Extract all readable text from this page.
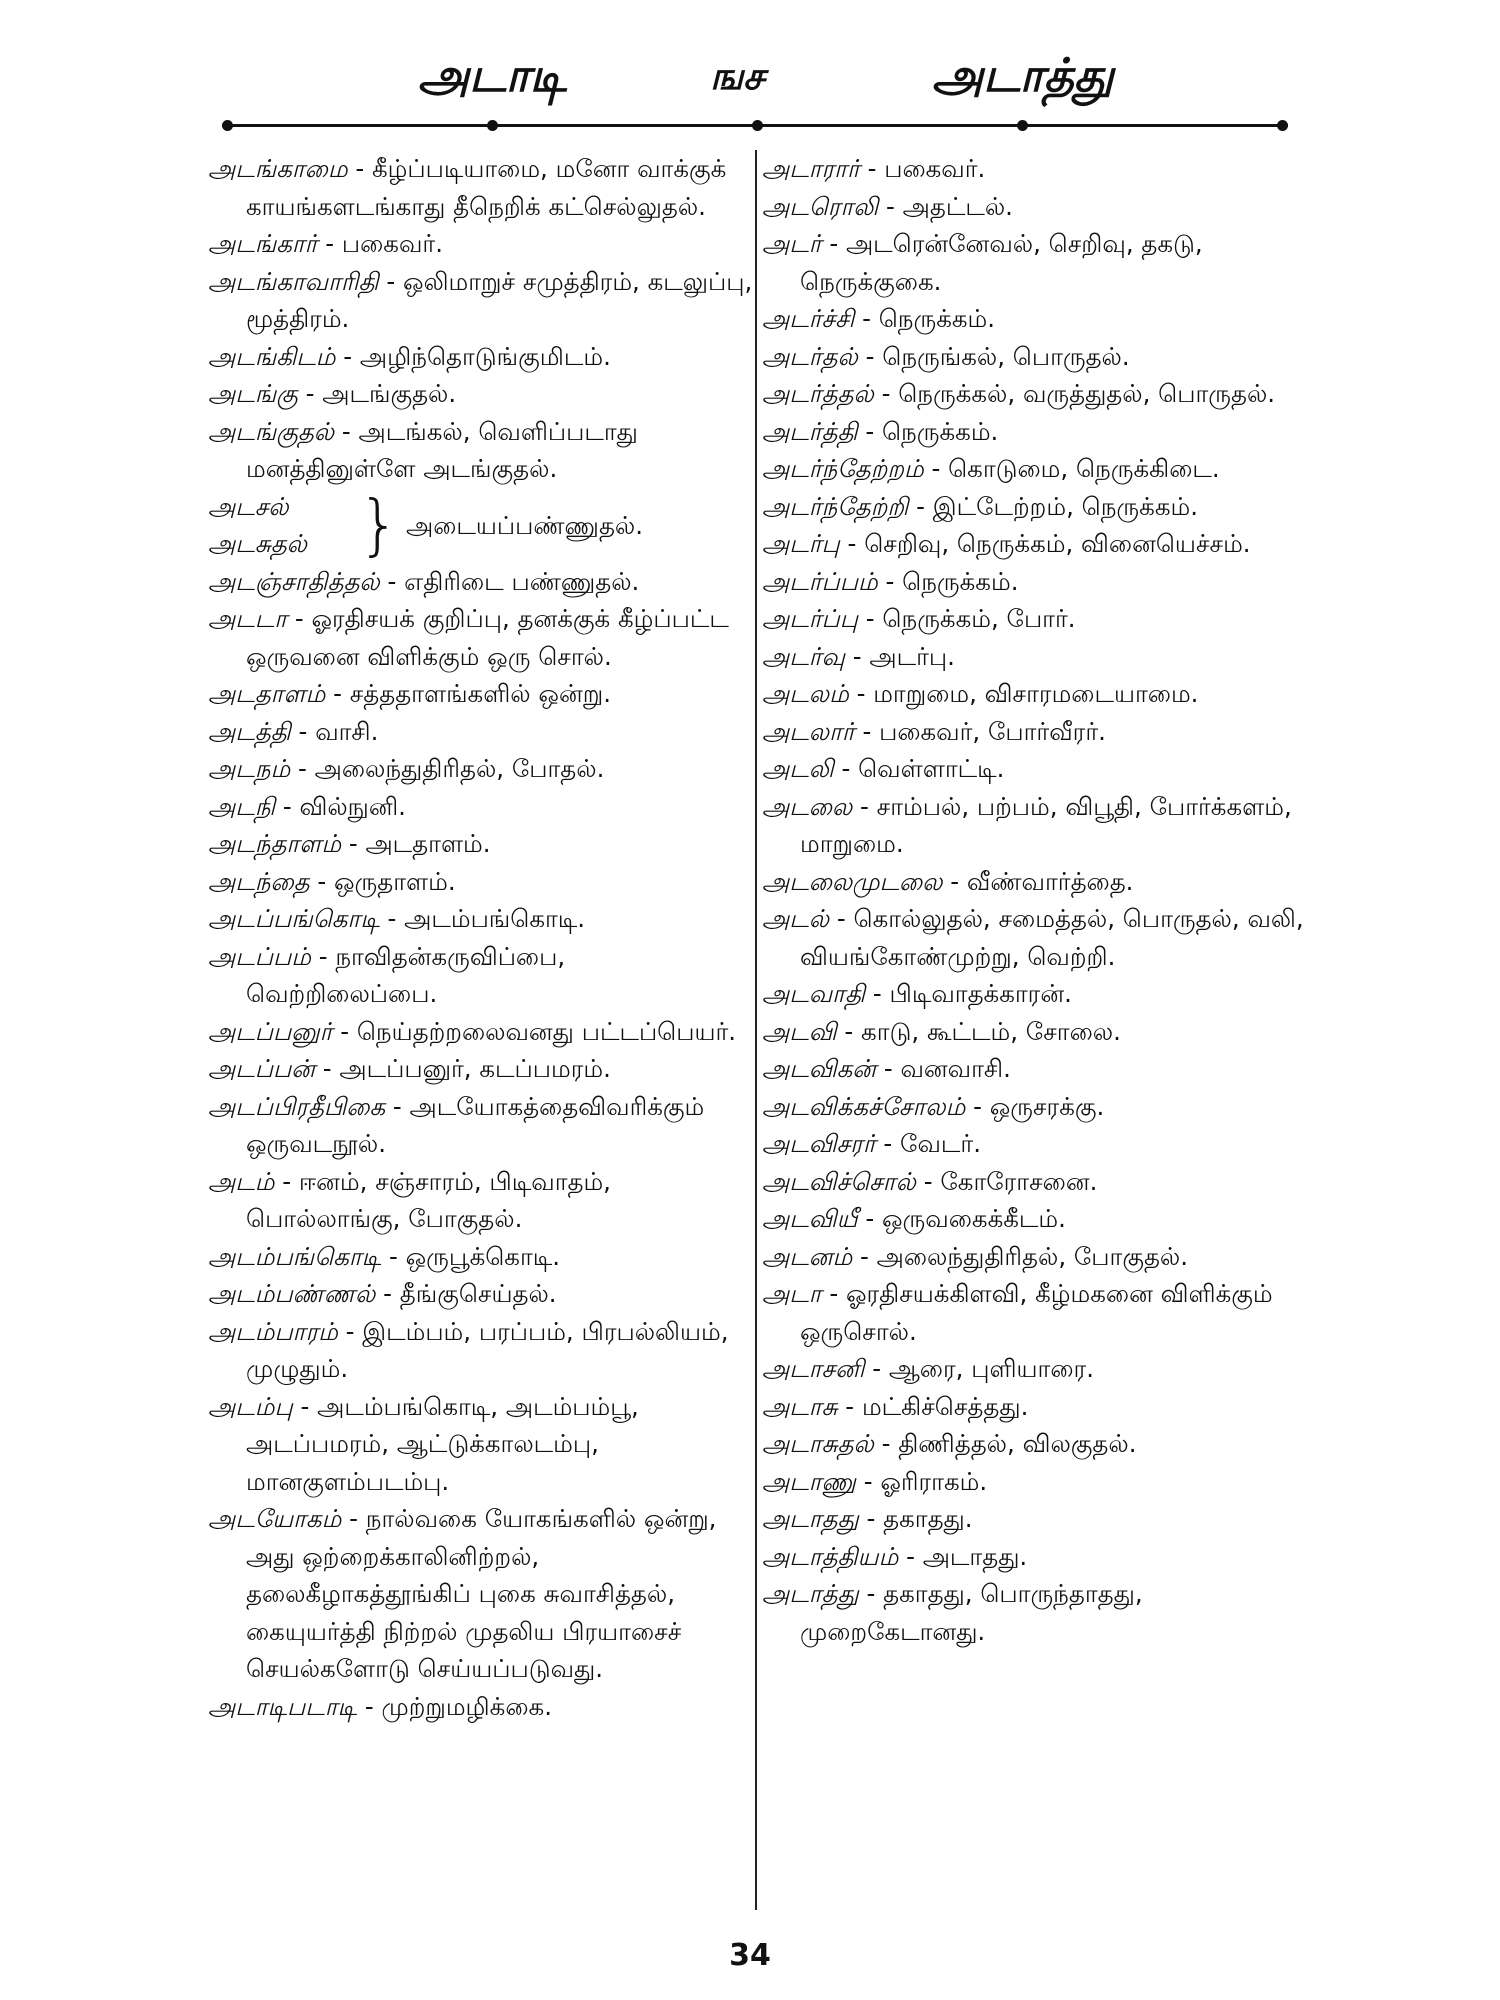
அடாடி	ஙச	அடாத்து

அடங்காமை - கீழ்ப்படியாமை, மனோ வாக்குக் காயங்களடங்காது தீநெறிக் கட்செல்லுதல்.

அடங்கார் - பகைவர்.

அடங்காவாரிதி - ஒலிமாறுச் சமுத்திரம், கடலுப்பு, மூத்திரம்.

அடங்கிடம் - அழிந்தொடுங்குமிடம்.

அடங்கு - அடங்குதல்.

அடங்குதல் - அடங்கல், வெளிப்படாது மனத்தினுள்ளே அடங்குதல்.

அடசல்
அடசுதல் } அடையப்பண்ணுதல்.

அடஞ்சாதித்தல் - எதிரிடை பண்ணுதல்.

அடடா - ஓரதிசயக் குறிப்பு, தனக்குக் கீழ்ப்பட்ட ஒருவனை விளிக்கும் ஒரு சொல்.

அடதாளம் - சத்ததாளங்களில் ஒன்று.

அடத்தி - வாசி.

அடநம் - அலைந்துதிரிதல், போதல்.

அடநி - வில்நுனி.

அடந்தாளம் - அடதாளம்.

அடந்தை - ஒருதாளம்.

அடப்பங்கொடி - அடம்பங்கொடி.

அடப்பம் - நாவிதன்கருவிப்பை, வெற்றிலைப்பை.

அடப்பனுர் - நெய்தற்றலைவனது பட்டப்பெயர்.

அடப்பன் - அடப்பனுர், கடப்பமரம்.

அடப்பிரதீபிகை - அடயோகத்தைவிவரிக்கும் ஒருவடநூல்.

அடம் - ஈனம், சஞ்சாரம், பிடிவாதம், பொல்லாங்கு, போகுதல்.

அடம்பங்கொடி - ஒருபூக்கொடி.

அடம்பண்ணல் - தீங்குசெய்தல்.

அடம்பாரம் - இடம்பம், பரப்பம், பிரபல்லியம், முழுதும்.

அடம்பு - அடம்பங்கொடி, அடம்பம்பூ, அடப்பமரம், ஆட்டுக்காலடம்பு, மானகுளம்படம்பு.

அடயோகம் - நால்வகை யோகங்களில் ஒன்று, அது ஒற்றைக்காலினிற்றல், தலைகீழாகத்தூங்கிப் புகை சுவாசித்தல், கையுயர்த்தி நிற்றல் முதலிய பிரயாசைச் செயல்களோடு செய்யப்படுவது.

அடாடிபடாடி - முற்றுமழிக்கை.

அடாரார் - பகைவர்.

அடரொலி - அதட்டல்.

அடர் - அடரென்னேவல், செறிவு, தகடு, நெருக்குகை.

அடர்ச்சி - நெருக்கம்.

அடர்தல் - நெருங்கல், பொருதல்.

அடர்த்தல் - நெருக்கல், வருத்துதல், பொருதல்.

அடர்த்தி - நெருக்கம்.

அடர்ந்தேற்றம் - கொடுமை, நெருக்கிடை.

அடர்ந்தேற்றி - இட்டேற்றம், நெருக்கம்.

அடர்பு - செறிவு, நெருக்கம், வினையெச்சம்.

அடர்ப்பம் - நெருக்கம்.

அடர்ப்பு - நெருக்கம், போர்.

அடர்வு - அடர்பு.

அடலம் - மாறுமை, விசாரமடையாமை.

அடலார் - பகைவர், போர்வீரர்.

அடலி - வெள்ளாட்டி.

அடலை - சாம்பல், பற்பம், விபூதி, போர்க்களம், மாறுமை.

அடலைமுடலை - வீண்வார்த்தை.

அடல் - கொல்லுதல், சமைத்தல், பொருதல், வலி, வியங்கோண்முற்று, வெற்றி.

அடவாதி - பிடிவாதக்காரன்.

அடவி - காடு, கூட்டம், சோலை.

அடவிகன் - வனவாசி.

அடவிக்கச்சோலம் - ஒருசரக்கு.

அடவிசரர் - வேடர்.

அடவிச்சொல் - கோரோசனை.

அடவியீ - ஒருவகைக்கீடம்.

அடனம் - அலைந்துதிரிதல், போகுதல்.

அடா - ஓரதிசயக்கிளவி, கீழ்மகனை விளிக்கும் ஒருசொல்.

அடாசனி - ஆரை, புளியாரை.

அடாசு - மட்கிச்செத்தது.

அடாசுதல் - திணித்தல், விலகுதல்.

அடாணு - ஓரிராகம்.

அடாதது - தகாதது.

அடாத்தியம் - அடாதது.

அடாத்து - தகாதது, பொருந்தாதது, முறைகேடானது.

34
